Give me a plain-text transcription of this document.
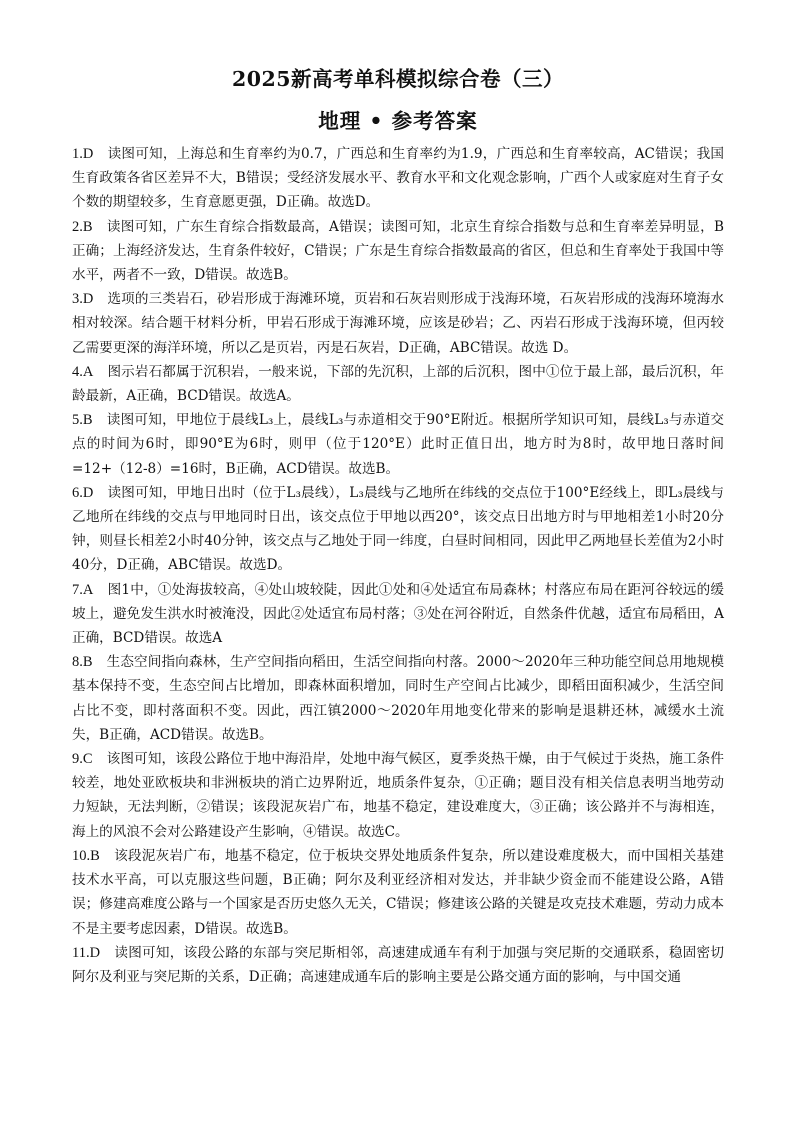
2025新高考单科模拟综合卷（三）
地理 • 参考答案

1.D 读图可知，上海总和生育率约为0.7，广西总和生育率约为1.9，广西总和生育率较高，AC错误；我国生育政策各省区差异不大，B错误；受经济发展水平、教育水平和文化观念影响，广西个人或家庭对生育子女个数的期望较多，生育意愿更强，D正确。故选D。

2.B 读图可知，广东生育综合指数最高，A错误；读图可知，北京生育综合指数与总和生育率差异明显，B正确；上海经济发达，生育条件较好，C错误；广东是生育综合指数最高的省区，但总和生育率处于我国中等水平，两者不一致，D错误。故选B。

3.D 选项的三类岩石，砂岩形成于海滩环境，页岩和石灰岩则形成于浅海环境，石灰岩形成的浅海环境海水相对较深。结合题干材料分析，甲岩石形成于海滩环境，应该是砂岩；乙、丙岩石形成于浅海环境，但丙较乙需要更深的海洋环境，所以乙是页岩，丙是石灰岩，D正确，ABC错误。故选 D。

4.A 图示岩石都属于沉积岩，一般来说，下部的先沉积，上部的后沉积，图中①位于最上部，最后沉积，年龄最新，A正确，BCD错误。故选A。

5.B 读图可知，甲地位于晨线L₃上，晨线L₃与赤道相交于90°E附近。根据所学知识可知，晨线L₃与赤道交点的时间为6时，即90°E为6时，则甲（位于120°E）此时正值日出，地方时为8时，故甲地日落时间=12+（12-8）=16时，B正确，ACD错误。故选B。

6.D 读图可知，甲地日出时（位于L₃晨线），L₃晨线与乙地所在纬线的交点位于100°E经线上，即L₃晨线与乙地所在纬线的交点与甲地同时日出，该交点位于甲地以西20°，该交点日出地方时与甲地相差1小时20分钟，则昼长相差2小时40分钟，该交点与乙地处于同一纬度，白昼时间相同，因此甲乙两地昼长差值为2小时40分，D正确，ABC错误。故选D。

7.A 图1中，①处海拔较高，④处山坡较陡，因此①处和④处适宜布局森林；村落应布局在距河谷较远的缓坡上，避免发生洪水时被淹没，因此②处适宜布局村落；③处在河谷附近，自然条件优越，适宜布局稻田，A正确，BCD错误。故选A

8.B 生态空间指向森林，生产空间指向稻田，生活空间指向村落。2000～2020年三种功能空间总用地规模基本保持不变，生态空间占比增加，即森林面积增加，同时生产空间占比减少，即稻田面积减少，生活空间占比不变，即村落面积不变。因此，西江镇2000～2020年用地变化带来的影响是退耕还林，减缓水土流失，B正确，ACD错误。故选B。

9.C 该图可知，该段公路位于地中海沿岸，处地中海气候区，夏季炎热干燥，由于气候过于炎热，施工条件较差，地处亚欧板块和非洲板块的消亡边界附近，地质条件复杂，①正确；题目没有相关信息表明当地劳动力短缺，无法判断，②错误；该段泥灰岩广布，地基不稳定，建设难度大，③正确；该公路并不与海相连，海上的风浪不会对公路建设产生影响，④错误。故选C。

10.B 该段泥灰岩广布，地基不稳定，位于板块交界处地质条件复杂，所以建设难度极大，而中国相关基建技术水平高，可以克服这些问题，B正确；阿尔及利亚经济相对发达，并非缺少资金而不能建设公路，A错误；修建高难度公路与一个国家是否历史悠久无关，C错误；修建该公路的关键是攻克技术难题，劳动力成本不是主要考虑因素，D错误。故选B。

11.D 读图可知，该段公路的东部与突尼斯相邻，高速建成通车有利于加强与突尼斯的交通联系，稳固密切阿尔及利亚与突尼斯的关系，D正确；高速建成通车后的影响主要是公路交通方面的影响，与中国交通
